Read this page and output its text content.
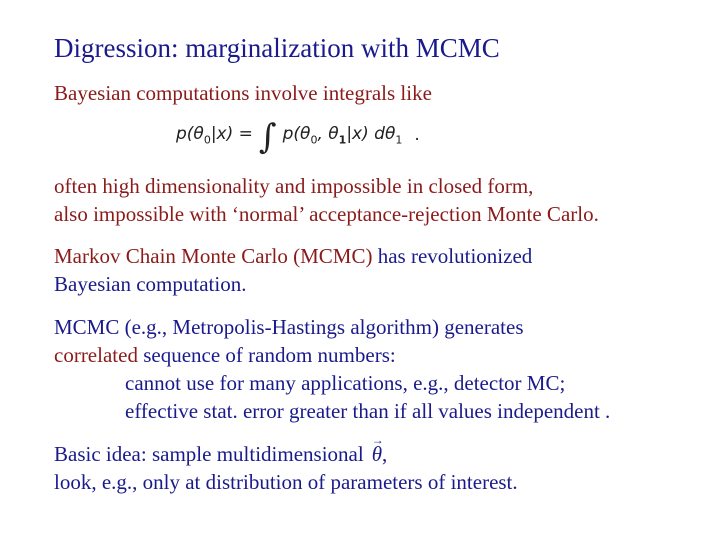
Digression: marginalization with MCMC
Bayesian computations involve integrals like
$p(\theta_0|x)$ = ∫ $p(\theta_0$, $\theta_1|x$) $d\theta_1$ .
often high dimensionality and impossible in closed form,
also impossible with ‘normal’ acceptance-rejection Monte Carlo.
Markov Chain Monte Carlo (MCMC) has revolutionized
Bayesian computation.
MCMC (e.g., Metropolis-Hastings algorithm) generates
correlated sequence of random numbers:
cannot use for many applications, e.g., detector MC;
effective stat. error greater than if all values independent .
Basic idea: sample multidimensional→ θ,
look, e.g., only at distribution of parameters of interest.
